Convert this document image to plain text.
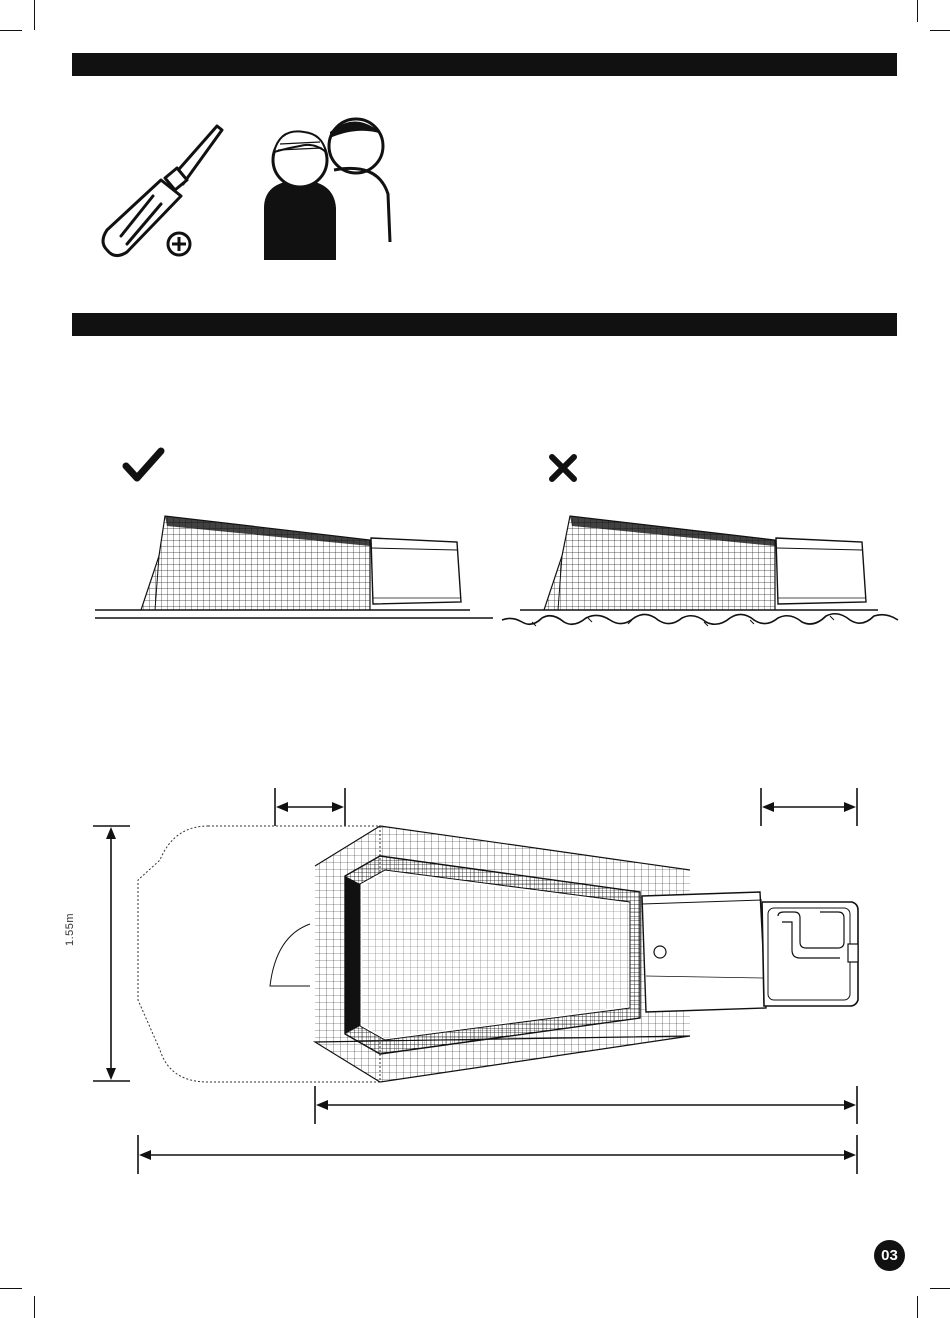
1.55m
03
